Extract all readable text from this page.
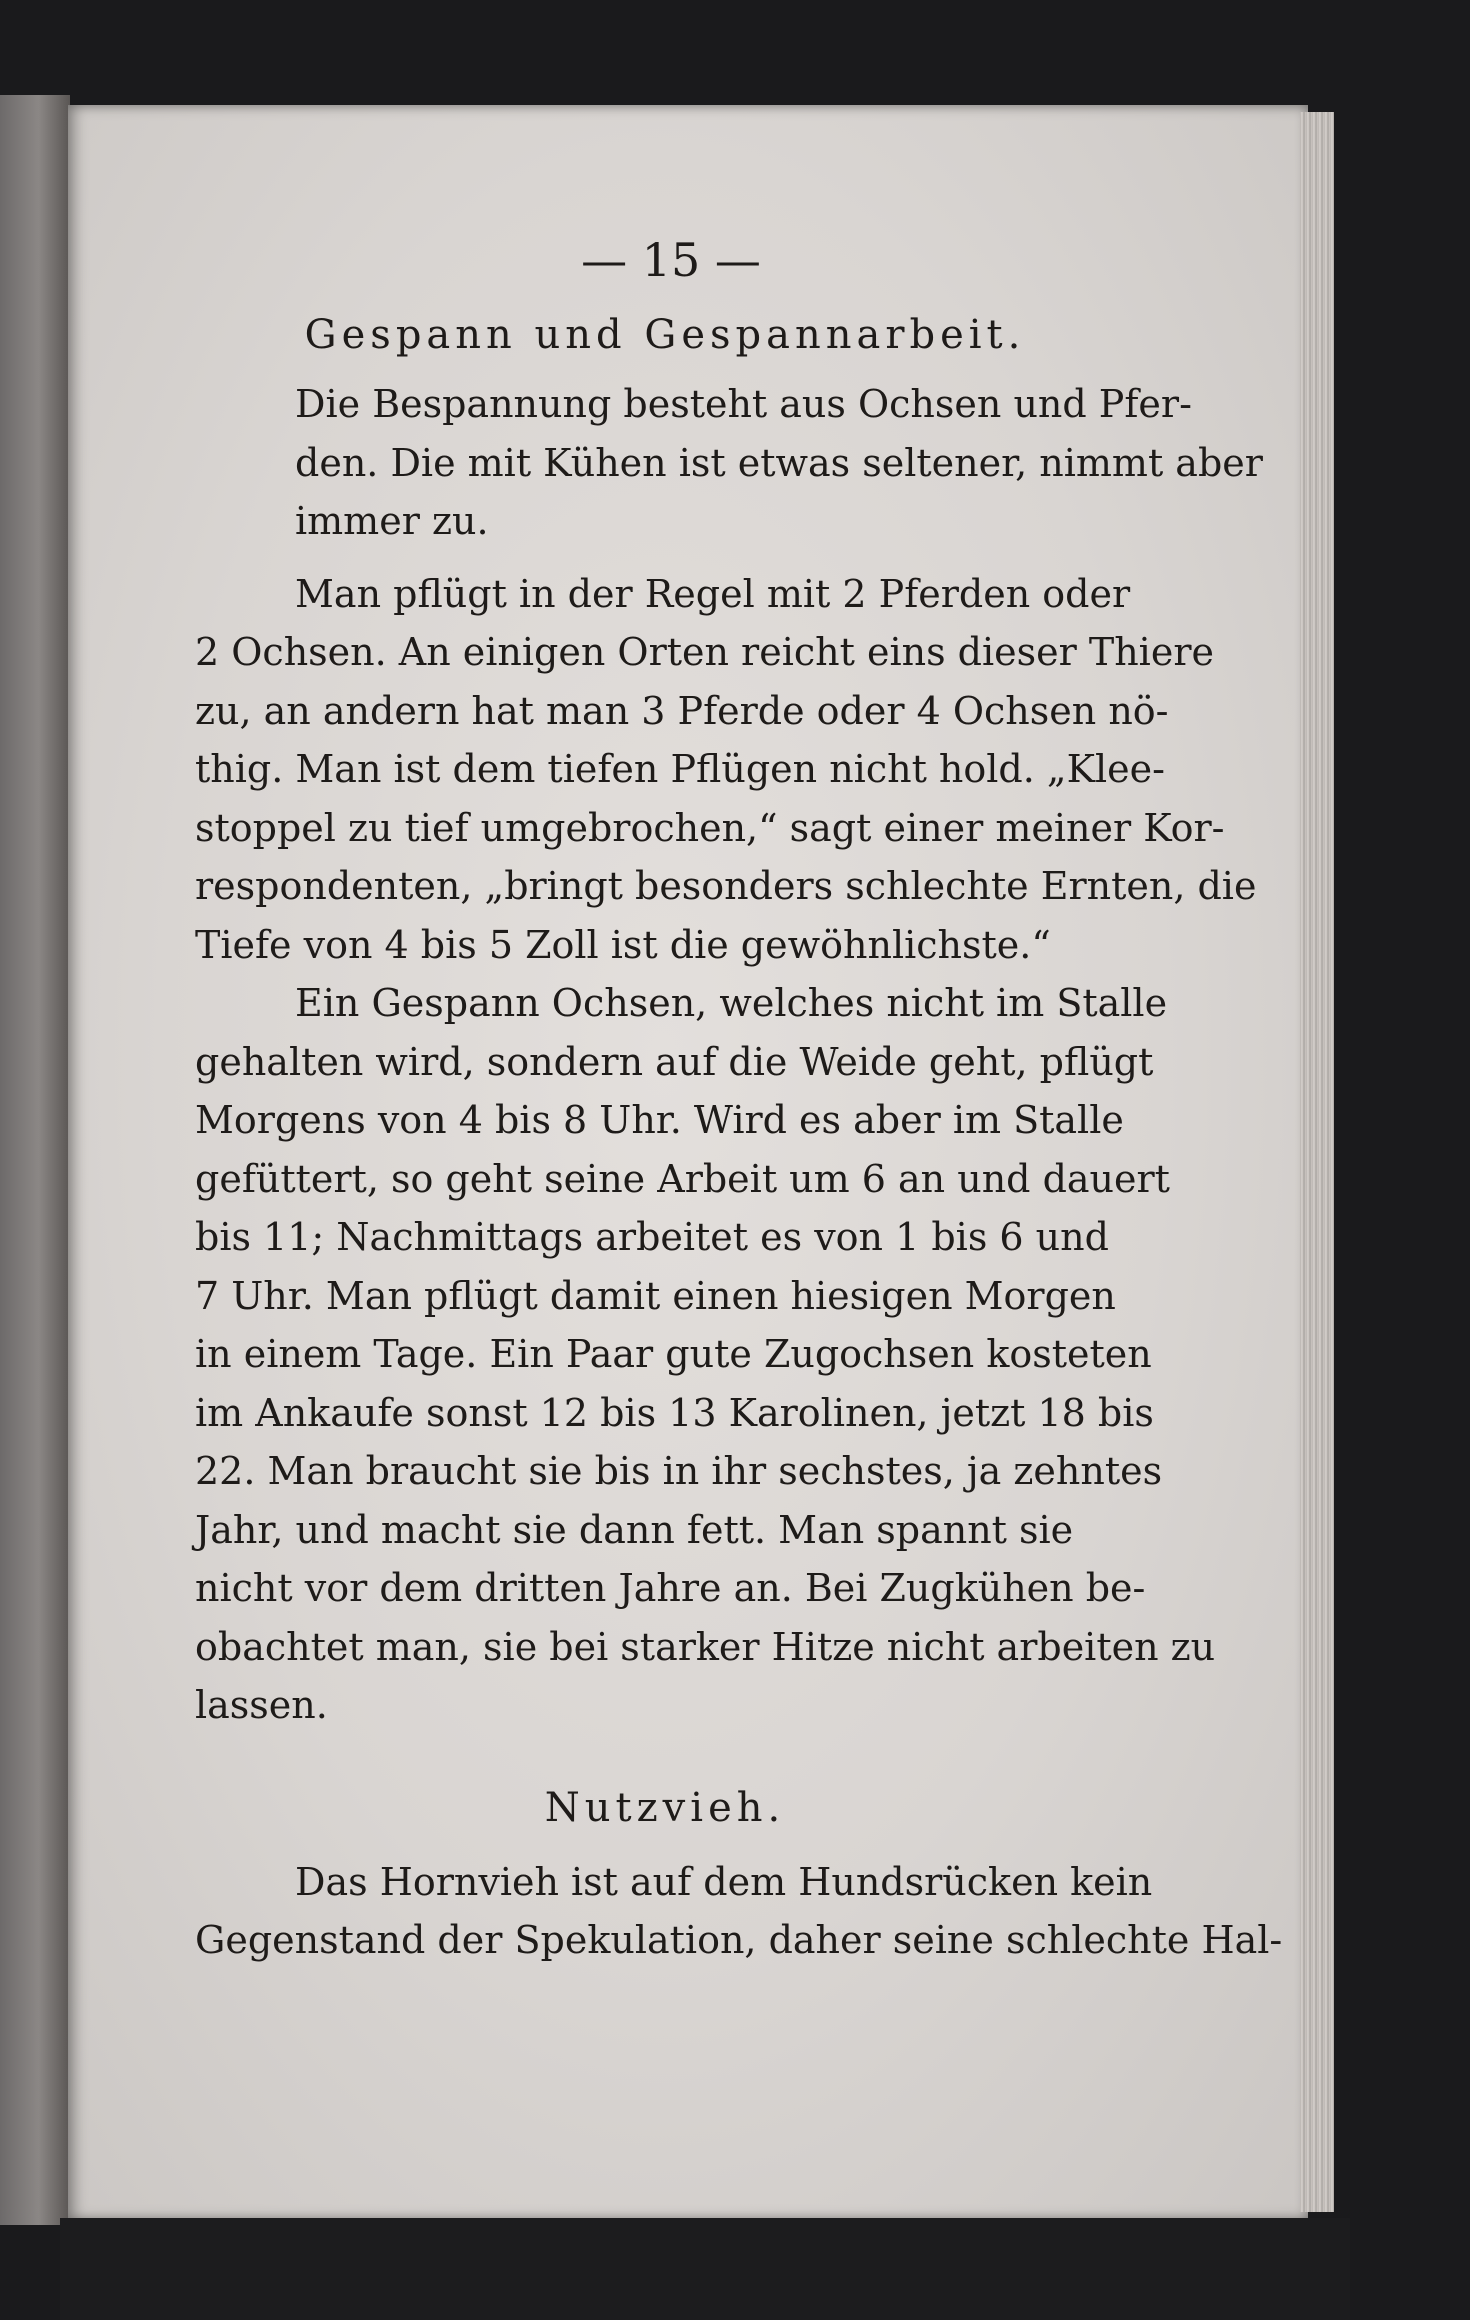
— 15 —
Gespann und Gespannarbeit.

Die Bespannung besteht aus Ochsen und Pfer-
den. Die mit Kühen ist etwas seltener, nimmt aber
immer zu.

Man pflügt in der Regel mit 2 Pferden oder
2 Ochsen. An einigen Orten reicht eins dieser Thiere
zu, an andern hat man 3 Pferde oder 4 Ochsen nö-
thig. Man ist dem tiefen Pflügen nicht hold. „Klee-
stoppel zu tief umgebrochen,“ sagt einer meiner Kor-
respondenten, „bringt besonders schlechte Ernten, die
Tiefe von 4 bis 5 Zoll ist die gewöhnlichste.“

Ein Gespann Ochsen, welches nicht im Stalle
gehalten wird, sondern auf die Weide geht, pflügt
Morgens von 4 bis 8 Uhr. Wird es aber im Stalle
gefüttert, so geht seine Arbeit um 6 an und dauert
bis 11; Nachmittags arbeitet es von 1 bis 6 und
7 Uhr. Man pflügt damit einen hiesigen Morgen
in einem Tage. Ein Paar gute Zugochsen kosteten
im Ankaufe sonst 12 bis 13 Karolinen, jetzt 18 bis
22. Man braucht sie bis in ihr sechstes, ja zehntes
Jahr, und macht sie dann fett. Man spannt sie
nicht vor dem dritten Jahre an. Bei Zugkühen be-
obachtet man, sie bei starker Hitze nicht arbeiten zu
lassen.

Nutzvieh.

Das Hornvieh ist auf dem Hundsrücken kein
Gegenstand der Spekulation, daher seine schlechte Hal-
